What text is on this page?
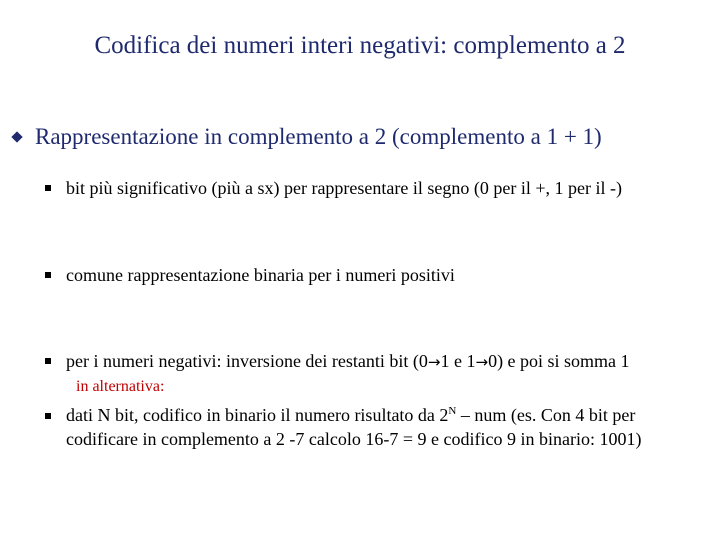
Codifica dei numeri interi negativi: complemento a 2
Rappresentazione in complemento a 2 (complemento a 1 + 1)
bit più significativo (più a sx) per rappresentare il segno (0 per il +, 1 per il -)
comune rappresentazione binaria per i numeri positivi
per i numeri negativi: inversione dei restanti bit (0→1 e 1→0) e poi si somma 1
in alternativa:
dati N bit, codifico in binario il numero risultato da $2^N$ – num (es. Con 4 bit per
codificare in complemento a 2 -7 calcolo 16-7 = 9 e codifico 9 in binario: 1001)
